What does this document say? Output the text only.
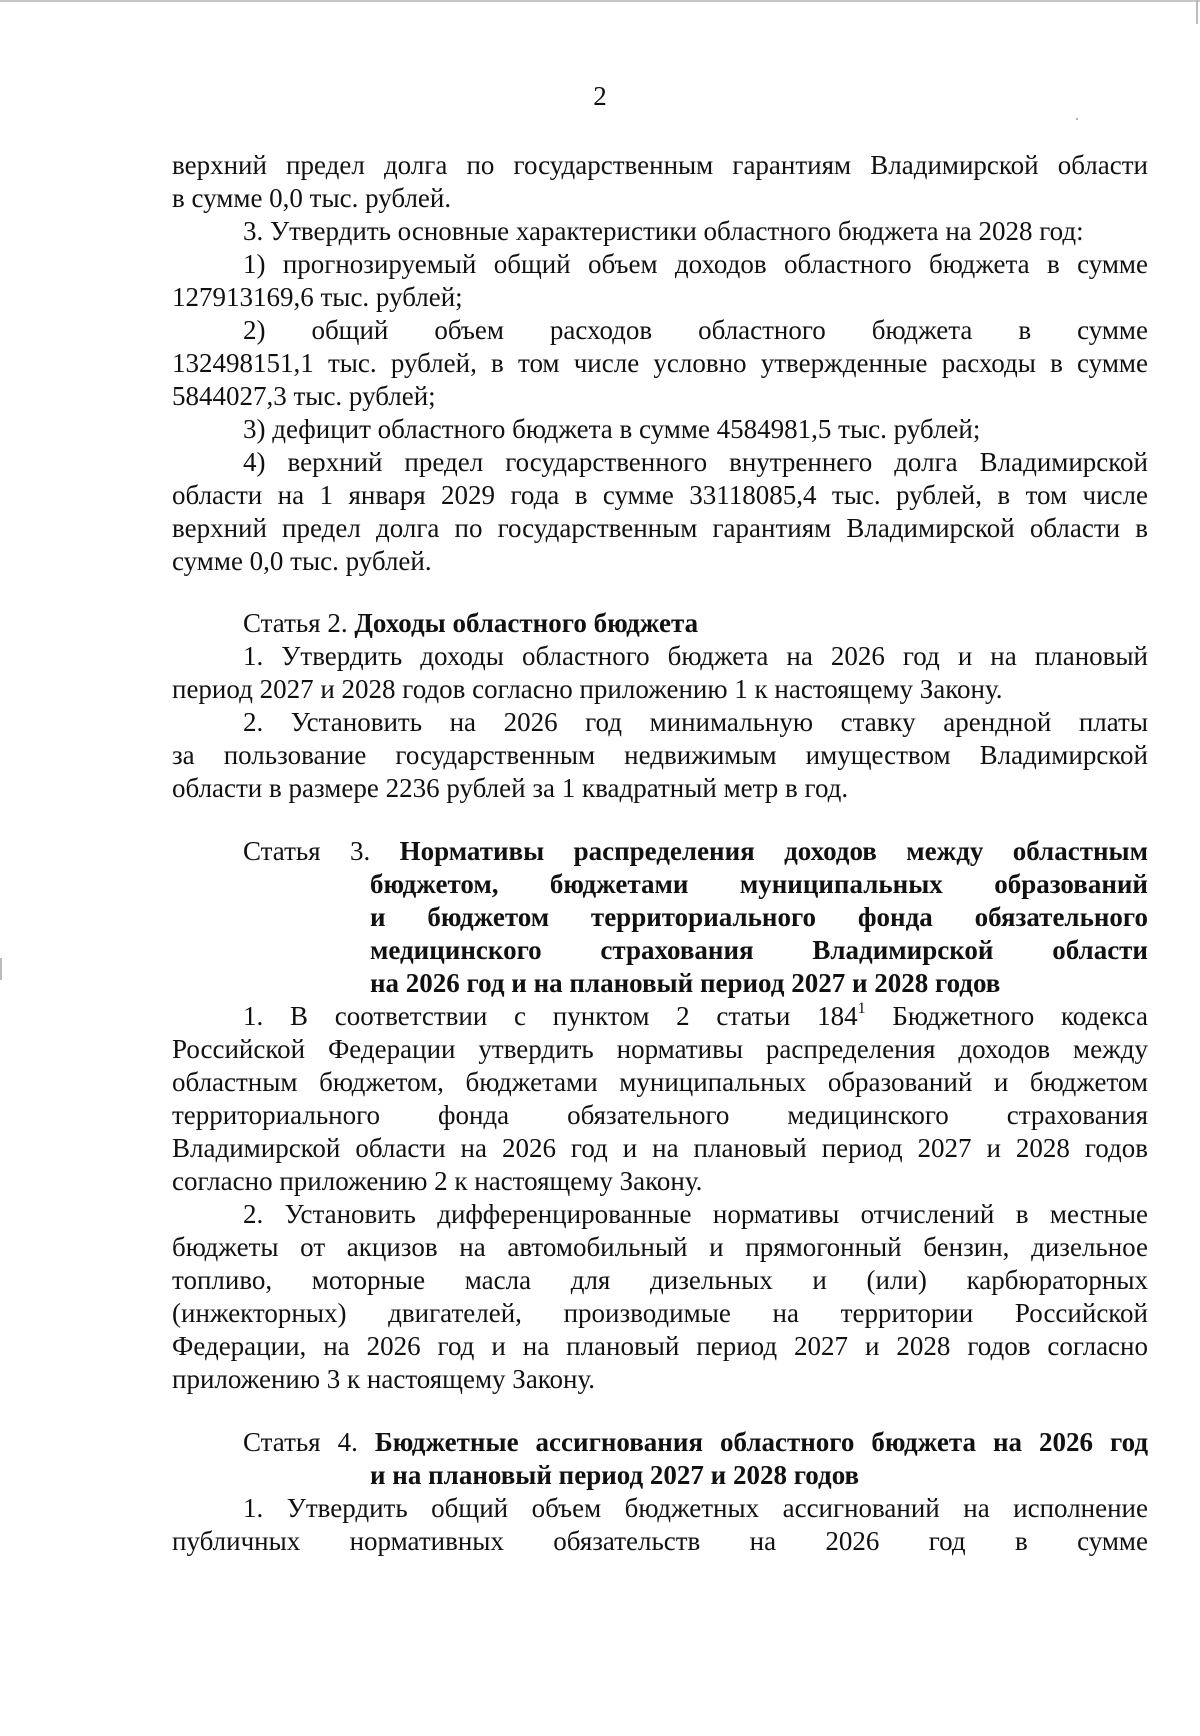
2
верхний предел долга по государственным гарантиям Владимирской области
в сумме 0,0 тыс. рублей.
3. Утвердить основные характеристики областного бюджета на 2028 год:
1) прогнозируемый общий объем доходов областного бюджета в сумме
127913169,6 тыс. рублей;
2) общий объем расходов областного бюджета в сумме
132498151,1 тыс. рублей, в том числе условно утвержденные расходы в сумме
5844027,3 тыс. рублей;
3) дефицит областного бюджета в сумме 4584981,5 тыс. рублей;
4) верхний предел государственного внутреннего долга Владимирской
области на 1 января 2029 года в сумме 33118085,4 тыс. рублей, в том числе
верхний предел долга по государственным гарантиям Владимирской области в
сумме 0,0 тыс. рублей.
Статья 2. Доходы областного бюджета
1. Утвердить доходы областного бюджета на 2026 год и на плановый
период 2027 и 2028 годов согласно приложению 1 к настоящему Закону.
2. Установить на 2026 год минимальную ставку арендной платы
за пользование государственным недвижимым имуществом Владимирской
области в размере 2236 рублей за 1 квадратный метр в год.
Статья 3. Нормативы распределения доходов между областным
бюджетом, бюджетами муниципальных образований
и бюджетом территориального фонда обязательного
медицинского страхования Владимирской области
на 2026 год и на плановый период 2027 и 2028 годов
1. В соответствии с пунктом 2 статьи $184^1$ Бюджетного кодекса
Российской Федерации утвердить нормативы распределения доходов между
областным бюджетом, бюджетами муниципальных образований и бюджетом
территориального фонда обязательного медицинского страхования
Владимирской области на 2026 год и на плановый период 2027 и 2028 годов
согласно приложению 2 к настоящему Закону.
2. Установить дифференцированные нормативы отчислений в местные
бюджеты от акцизов на автомобильный и прямогонный бензин, дизельное
топливо, моторные масла для дизельных и (или) карбюраторных
(инжекторных) двигателей, производимые на территории Российской
Федерации, на 2026 год и на плановый период 2027 и 2028 годов согласно
приложению 3 к настоящему Закону.
Статья 4. Бюджетные ассигнования областного бюджета на 2026 год
и на плановый период 2027 и 2028 годов
1. Утвердить общий объем бюджетных ассигнований на исполнение
публичных нормативных обязательств на 2026 год в сумме
